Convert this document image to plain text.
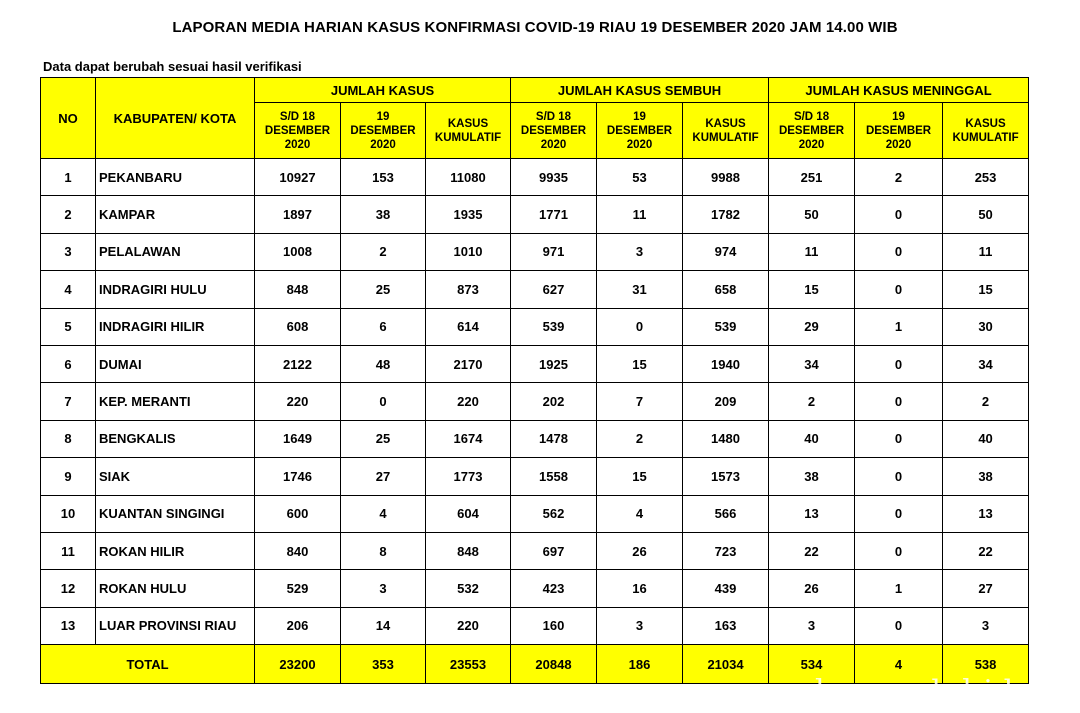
LAPORAN MEDIA HARIAN KASUS KONFIRMASI COVID-19 RIAU 19 DESEMBER 2020 JAM 14.00 WIB
Data dapat berubah sesuai hasil verifikasi
NO	KABUPATEN/ KOTA	JUMLAH KASUS			JUMLAH KASUS SEMBUH			JUMLAH KASUS MENINGGAL		
		S/D 18
DESEMBER
2020	19
DESEMBER
2020	KASUS
KUMULATIF	S/D 18
DESEMBER
2020	19
DESEMBER
2020	KASUS
KUMULATIF	S/D 18
DESEMBER
2020	19
DESEMBER
2020	KASUS
KUMULATIF
1	PEKANBARU	10927	153	11080	9935	53	9988	251	2	253
2	KAMPAR	1897	38	1935	1771	11	1782	50	0	50
3	PELALAWAN	1008	2	1010	971	3	974	11	0	11
4	INDRAGIRI HULU	848	25	873	627	31	658	15	0	15
5	INDRAGIRI HILIR	608	6	614	539	0	539	29	1	30
6	DUMAI	2122	48	2170	1925	15	1940	34	0	34
7	KEP. MERANTI	220	0	220	202	7	209	2	0	2
8	BENGKALIS	1649	25	1674	1478	2	1480	40	0	40
9	SIAK	1746	27	1773	1558	15	1573	38	0	38
10	KUANTAN SINGINGI	600	4	604	562	4	566	13	0	13
11	ROKAN HILIR	840	8	848	697	26	723	22	0	22
12	ROKAN HULU	529	3	532	423	16	439	26	1	27
13	LUAR PROVINSI RIAU	206	14	220	160	3	163	3	0	3
TOTAL		23200	353	23553	20848	186	21034	534	4	538
kompadul id
